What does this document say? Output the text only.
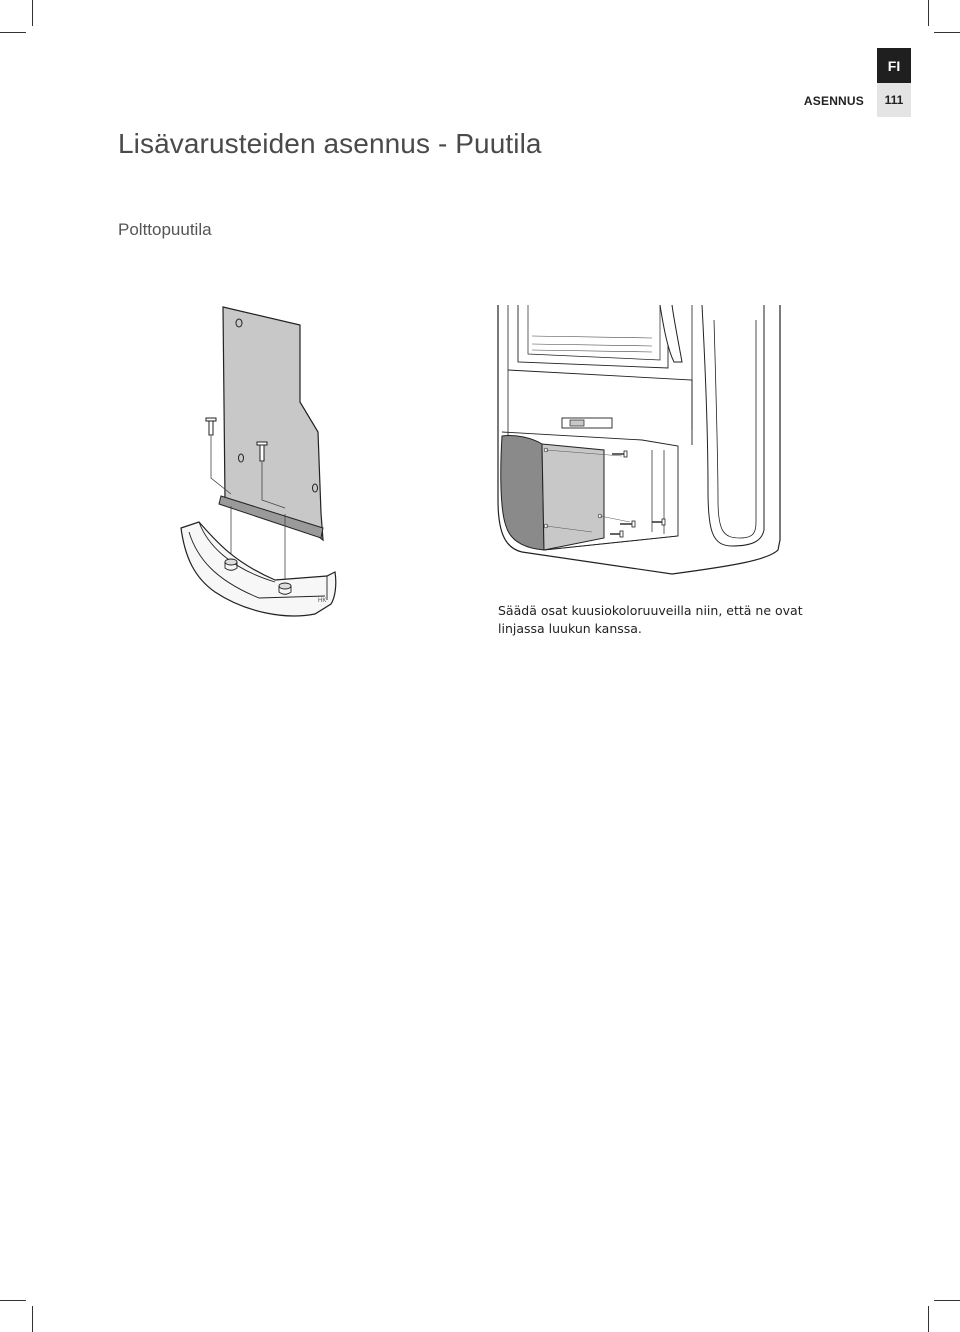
FI
111
ASENNUS
Lisävarusteiden asennus - Puutila
Polttopuutila
HK

Säädä osat kuusiokoloruuveilla niin, että ne ovat linjassa luukun kanssa.
